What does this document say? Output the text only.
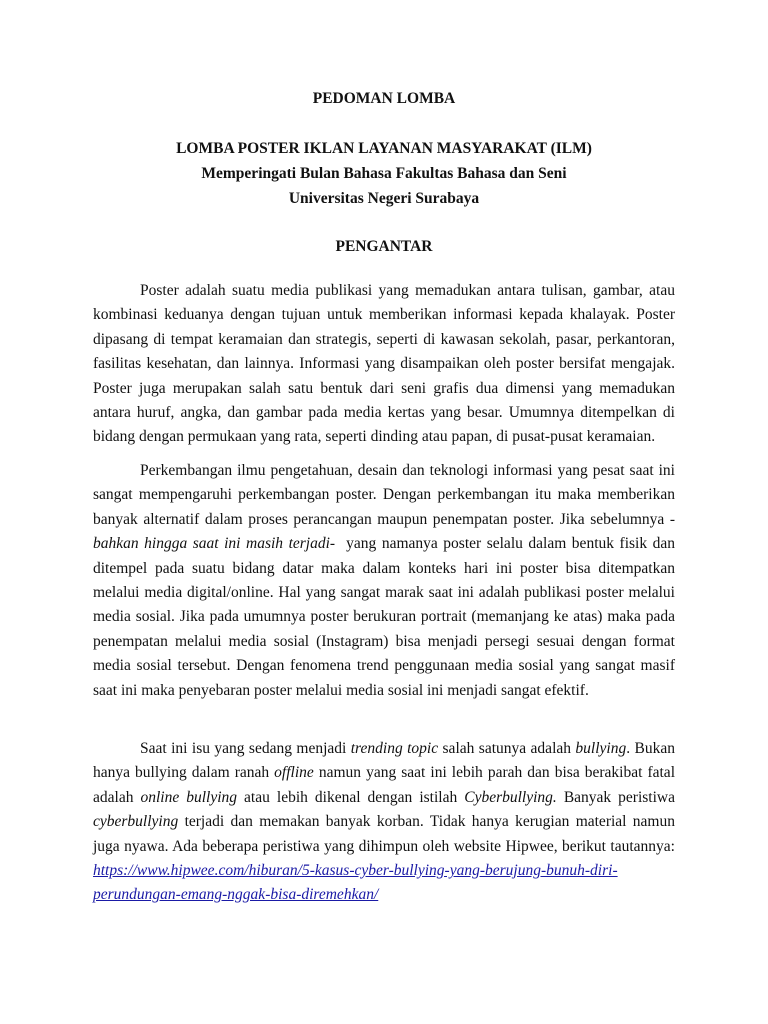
PEDOMAN LOMBA
LOMBA POSTER IKLAN LAYANAN MASYARAKAT (ILM)
Memperingati Bulan Bahasa Fakultas Bahasa dan Seni
Universitas Negeri Surabaya
PENGANTAR
Poster adalah suatu media publikasi yang memadukan antara tulisan, gambar, atau
kombinasi keduanya dengan tujuan untuk memberikan informasi kepada khalayak. Poster
dipasang di tempat keramaian dan strategis, seperti di kawasan sekolah, pasar, perkantoran,
fasilitas kesehatan, dan lainnya. Informasi yang disampaikan oleh poster bersifat mengajak.
Poster juga merupakan salah satu bentuk dari seni grafis dua dimensi yang memadukan
antara huruf, angka, dan gambar pada media kertas yang besar. Umumnya ditempelkan di
bidang dengan permukaan yang rata, seperti dinding atau papan, di pusat-pusat keramaian.
Perkembangan ilmu pengetahuan, desain dan teknologi informasi yang pesat saat ini
sangat mempengaruhi perkembangan poster. Dengan perkembangan itu maka memberikan
banyak alternatif dalam proses perancangan maupun penempatan poster. Jika sebelumnya -
bahkan hingga saat ini masih terjadi-  yang namanya poster selalu dalam bentuk fisik dan
ditempel pada suatu bidang datar maka dalam konteks hari ini poster bisa ditempatkan
melalui media digital/online. Hal yang sangat marak saat ini adalah publikasi poster melalui
media sosial. Jika pada umumnya poster berukuran portrait (memanjang ke atas) maka pada
penempatan melalui media sosial (Instagram) bisa menjadi persegi sesuai dengan format
media sosial tersebut. Dengan fenomena trend penggunaan media sosial yang sangat masif
saat ini maka penyebaran poster melalui media sosial ini menjadi sangat efektif.
Saat ini isu yang sedang menjadi trending topic salah satunya adalah bullying. Bukan
hanya bullying dalam ranah offline namun yang saat ini lebih parah dan bisa berakibat fatal
adalah online bullying atau lebih dikenal dengan istilah Cyberbullying. Banyak peristiwa
cyberbullying terjadi dan memakan banyak korban. Tidak hanya kerugian material namun
juga nyawa. Ada beberapa peristiwa yang dihimpun oleh website Hipwee, berikut tautannya:
https://www.hipwee.com/hiburan/5-kasus-cyber-bullying-yang-berujung-bunuh-diri-
perundungan-emang-nggak-bisa-diremehkan/
